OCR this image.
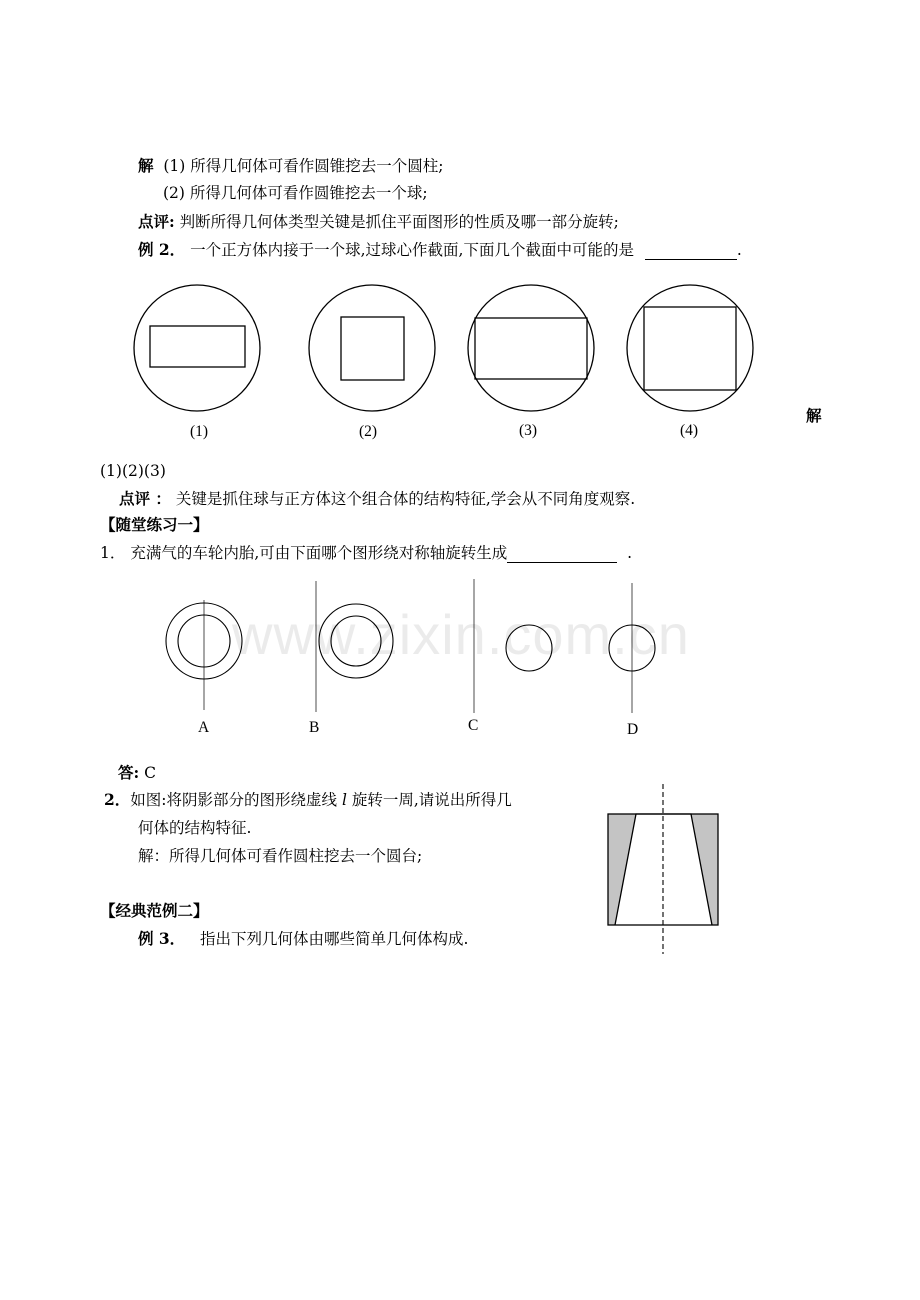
www.zixin.com.cn
解 (1) 所得几何体可看作圆锥挖去一个圆柱;
(2) 所得几何体可看作圆锥挖去一个球;
点评: 判断所得几何体类型关键是抓住平面图形的性质及哪一部分旋转;
例 2． 一个正方体内接于一个球,过球心作截面,下面几个截面中可能的是	.
(1)	(2)	(3)	(4)
解
(1)(2)(3)
点评 ： 关键是抓住球与正方体这个组合体的结构特征,学会从不同角度观察.
【随堂练习一】
1． 充满气的车轮内胎,可由下面哪个图形绕对称轴旋转生成	.
A	B	C	D
答: C
2．如图:将阴影部分的图形绕虚线 l 旋转一周,请说出所得几
何体的结构特征.
解：所得几何体可看作圆柱挖去一个圆台;
【经典范例二】
例 3． 指出下列几何体由哪些简单几何体构成.
